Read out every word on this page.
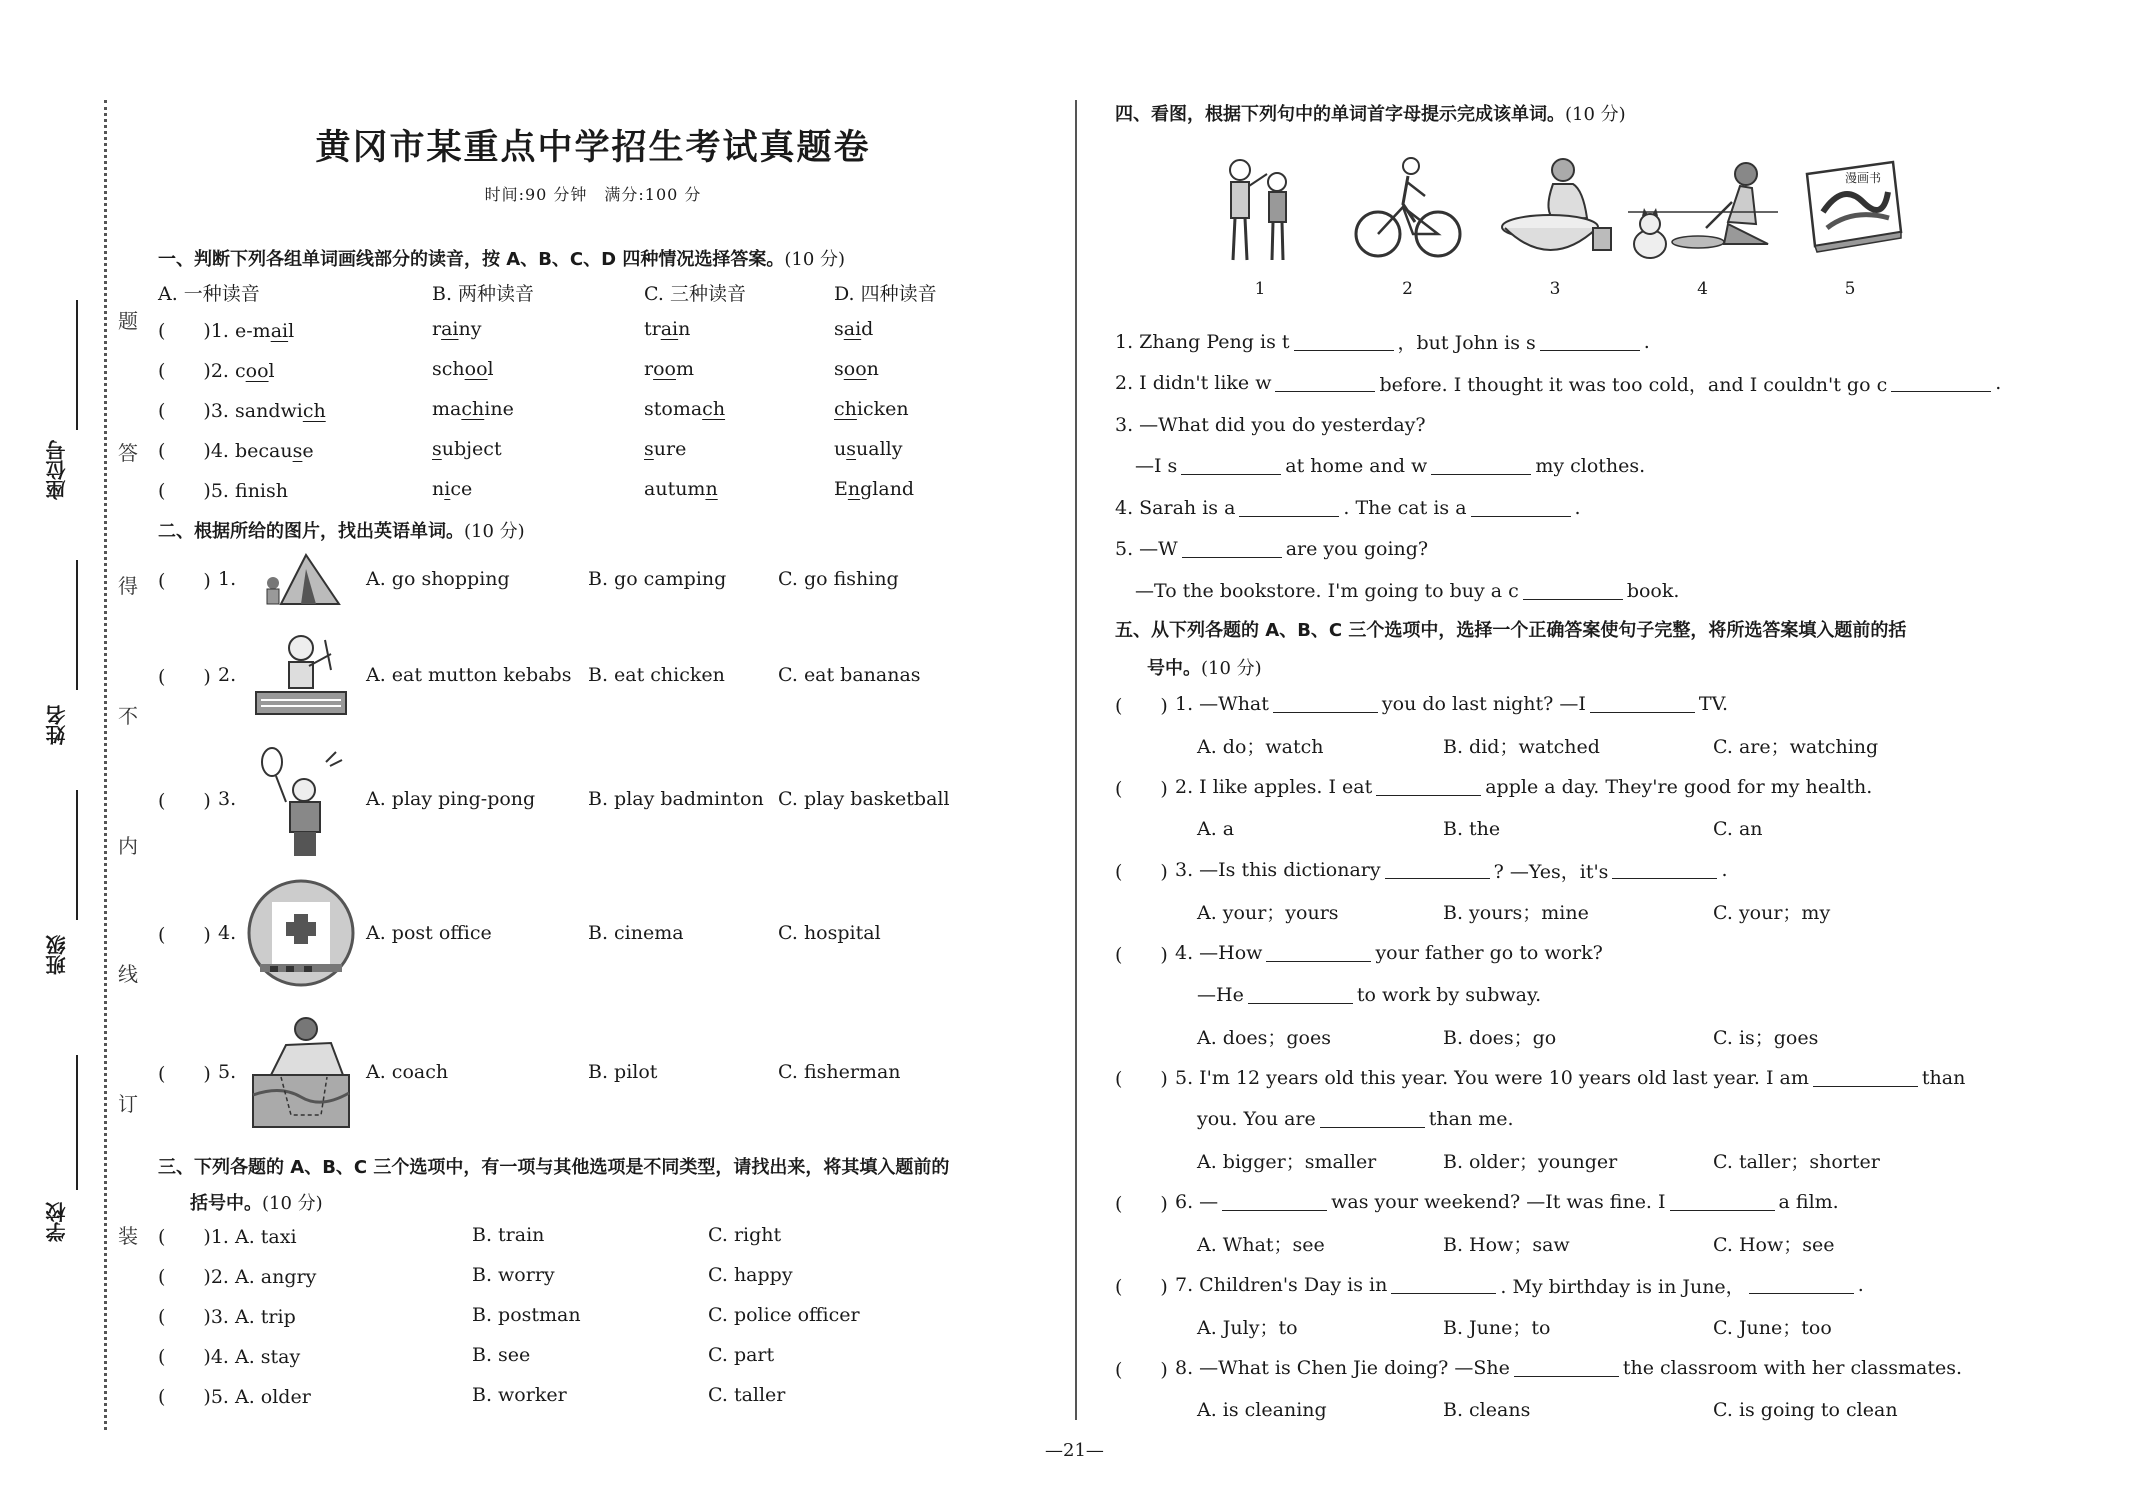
题
答
得
不
内
线
订
装
座位号
姓名
班级
学校
黄冈市某重点中学招生考试真题卷
时间:90 分钟　满分:100 分
一、判断下列各组单词画线部分的读音，按 A、B、C、D 四种情况选择答案。(10 分)
A. 一种读音	B. 两种读音	C. 三种读音	D. 四种读音
(　　)1. e-mail	rainy	train	said
(　　)2. cool	school	room	soon
(　　)3. sandwich	machine	stomach	chicken
(　　)4. because	subject	sure	usually
(　　)5. fnish	nice	autumn	England
二、根据所给的图片，找出英语单词。(10 分)
(　　) 1.	A. go shopping	B. go camping	C. go fishing
(　　) 2.	A. eat mutton kebabs B. eat chicken	C. eat bananas
(　　) 3.	A. play ping-pong	B. play badminton C. play basketball
(　　) 4.	A. post office	B. cinema	C. hospital
(　　) 5.	A. coach	B. pilot	C. fisherman
三、下列各题的 A、B、C 三个选项中，有一项与其他选项是不同类型，请找出来，将其填入题前的
括号中。(10 分)
(　　)1. A. taxi	B. train	C. right
(　　)2. A. angry	B. worry	C. happy
(　　)3. A. trip	B. postman	C. police officer
(　　)4. A. stay	B. see	C. part
(　　)5. A. older	B. worker	C. taller
四、看图，根据下列句中的单词首字母提示完成该单词。(10 分)
1	2	3	4
漫画书
5
1. Zhang Peng is t	，but John is s	.
2. I didn't like w	before. I thought it was too cold，and I couldn't go c	.
3. —What did you do yesterday?
—I s	at home and w	my clothes.
4. Sarah is a	. The cat is a	.
5. —W	are you going?
—To the bookstore. I'm going to buy a c	book.
五、从下列各题的 A、B、C 三个选项中，选择一个正确答案使句子完整，将所选答案填入题前的括
号中。(10 分)
(　　) 1. —What	you do last night? —I	TV.
A. do；watch	B. did；watched	C. are；watching
(　　) 2. I like apples. I eat	apple a day. They're good for my health.
A. a	B. the	C. an
(　　) 3. —Is this dictionary	? —Yes，it's	.
A. your；yours	B. yours；mine	C. your；my
(　　) 4. —How	your father go to work?
—He	to work by subway.
A. does；goes	B. does；go	C. is；goes
(　　) 5. I'm 12 years old this year. You were 10 years old last year. I am	than
you. You are	than me.
A. bigger；smaller	B. older；younger	C. taller；shorter
(　　) 6. —	was your weekend? —It was fine. I	a film.
A. What；see	B. How；saw	C. How；see
(　　) 7. Children's Day is in	. My birthday is in June，	.
A. July；to	B. June；to	C. June；too
(　　) 8. —What is Chen Jie doing? —She	the classroom with her classmates.
A. is cleaning	B. cleans	C. is going to clean
—21—
